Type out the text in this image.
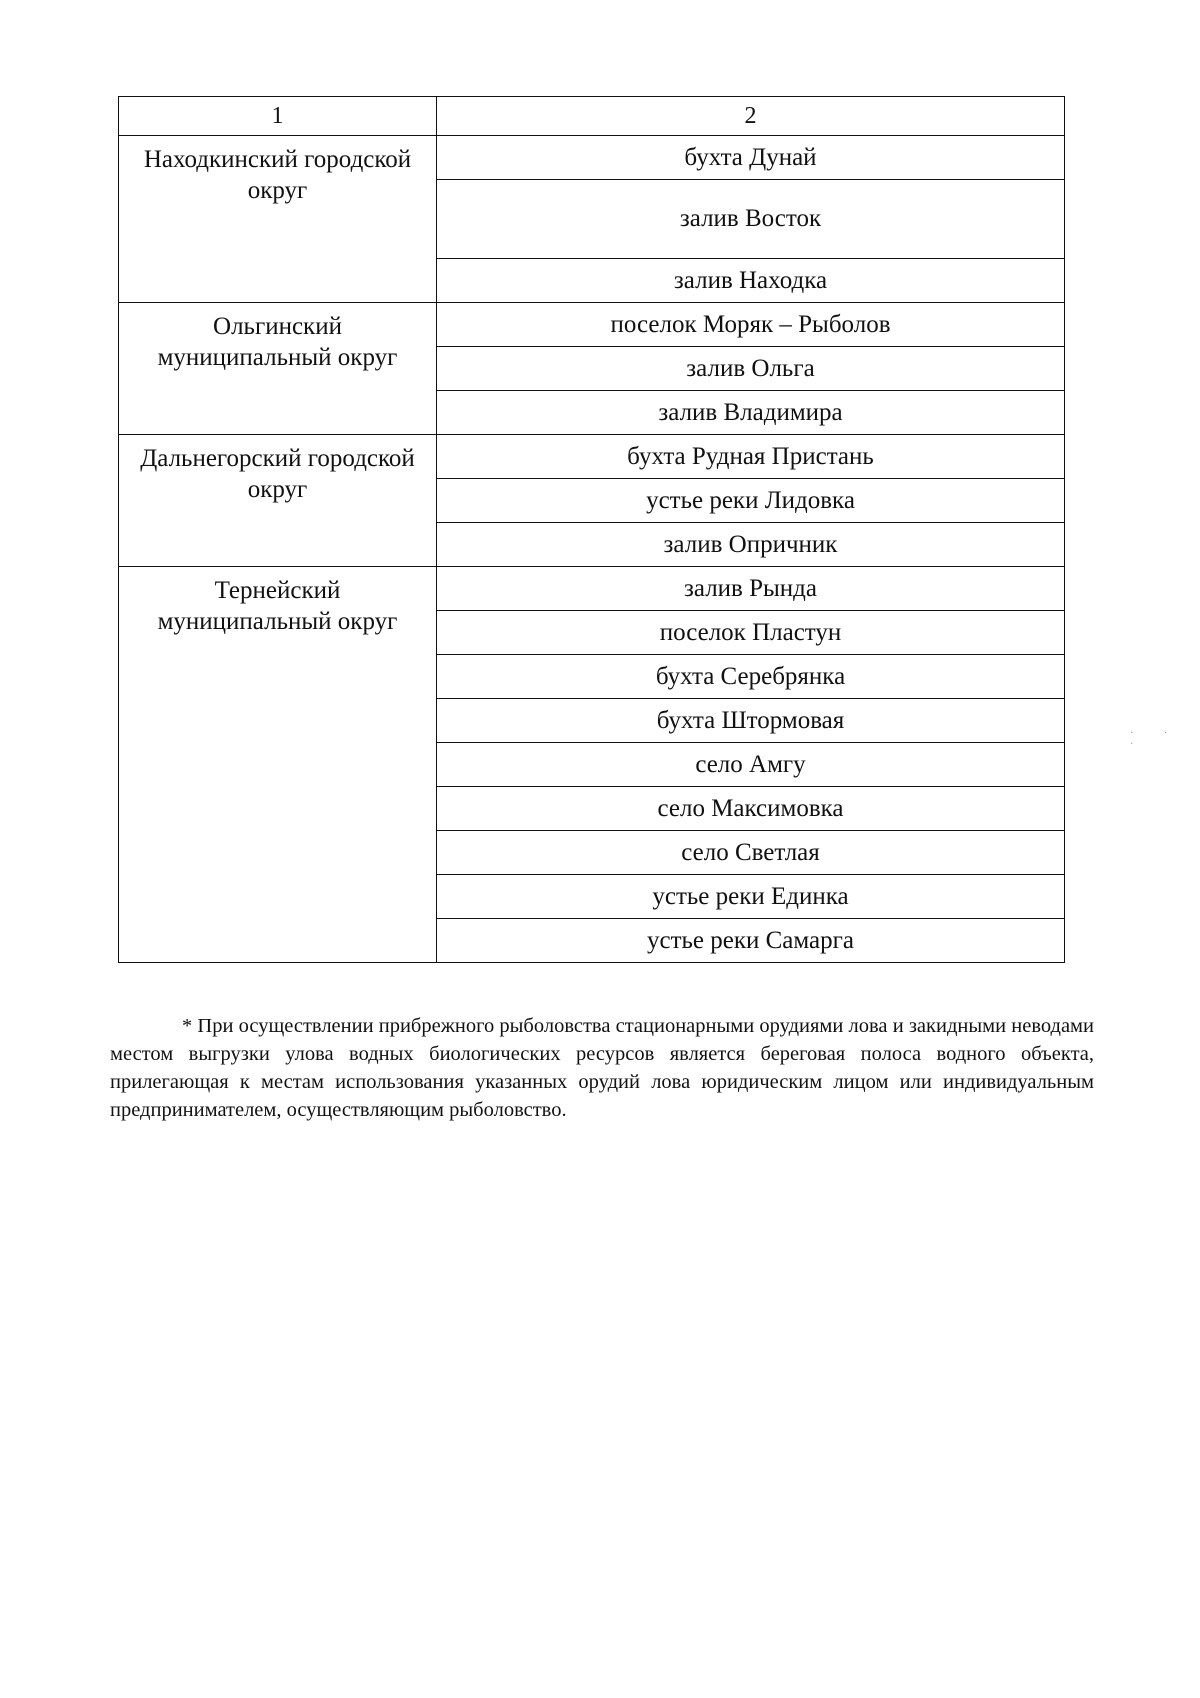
1	2
Находкинский городской округ	бухта Дунай
	залив Восток
	залив Находка
Ольгинский муниципальный округ	поселок Моряк – Рыболов
	залив Ольга
	залив Владимира
Дальнегорский городской округ	бухта Рудная Пристань
	устье реки Лидовка
	залив Опричник
Тернейский муниципальный округ	залив Рында
	поселок Пластун
	бухта Серебрянка
	бухта Штормовая
	село Амгу
	село Максимовка
	село Светлая
	устье реки Единка
	устье реки Самарга

* При осуществлении прибрежного рыболовства стационарными орудиями лова и закидными неводами местом выгрузки улова водных биологических ресурсов является береговая полоса водного объекта, прилегающая к местам использования указанных орудий лова юридическим лицом или индивидуальным предпринимателем, осуществляющим рыболовство.

· · ·
